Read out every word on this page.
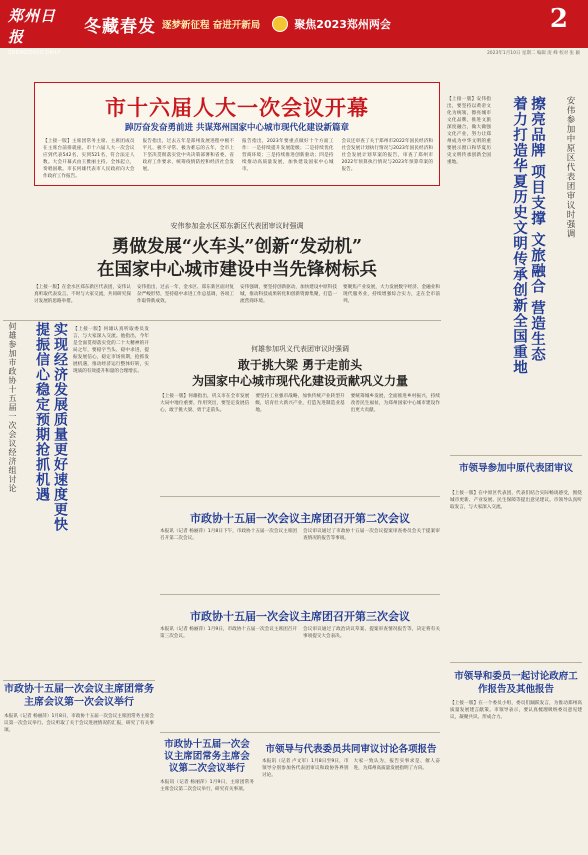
郑州日报
ZHENGZHOU DAILY
冬藏春发 逐梦新征程 奋进开新局	聚焦2023郑州两会	2
2023年1月10日 星期二 编辑 庞 峰 校对 张 颖
市十六届人大一次会议开幕
踔厉奋发奋勇前进 共谋郑州国家中心城市现代化建设新篇章
【上接一版】主席团常务主席、主席团成员在主席台前排就座。市十六届人大一次会议应到代表542名，实到521名，符合法定人数。大会开幕式由王雅丽主持。全体起立，奏唱国歌。市长何雄代表市人民政府向大会作政府工作报告。
报告指出，过去五年是郑州发展进程中极不平凡、极不寻常、极为难忘的五年，全市上下坚决贯彻落实党中央决策部署和省委、省政府工作要求，统筹疫情防控和经济社会发展。
报告指出，2023年要重点做好十个方面工作：一是持续提升发展能级；二是持续优化营商环境；三是持续推进创新驱动；四是持续推动高质量发展，加快建设国家中心城市。
会议还审查了关于郑州市2022年国民经济和社会发展计划执行情况与2023年国民经济和社会发展计划草案的报告，审查了郑州市2022年预算执行情况与2023年预算草案的报告。	安伟参加中原区代表团审议时强调
擦亮品牌 项目支撑 文旅融合 营造生态
着力打造华夏历史文明传承创新全国重地
【上接一版】安伟指出，要坚持以黄帝文化为统领，擦亮城市文化品牌，推进文旅深度融合，做大做强文化产业，努力让郑州成为中华文明的重要展示窗口和华夏历史文明传承创新全国重地。
安伟参加金水区郑东新区代表团审议时强调
勇做发展“火车头”创新“发动机”
在国家中心城市建设中当先锋树标兵
【上接一版】在金水区郑东新区代表团，安伟认真听取代表发言，不时与大家交流，共同研究探讨发展的思路举措。
安伟指出，过去一年，金水区、郑东新区面对复杂严峻形势，坚持稳中求进工作总基调，各项工作取得新成效。
安伟强调，要坚持创新驱动，加快建设中原科技城，推动科技成果转化和创新资源集聚，打造一流营商环境。
要聚焦产业发展，大力发展数字经济、金融业和现代服务业，持续增强综合实力，走在全市前列。
何雄参加市政协十五届一次会议经济组讨论 提振信心稳定预期抢抓机遇 实现经济发展质量更好速度更快 【上接一版】何雄认真听取委员发言，与大家深入交流。他指出，今年是全面贯彻落实党的二十大精神的开局之年，要稳字当头、稳中求进，提振发展信心，稳定市场预期，抢抓发展机遇，推动经济运行整体好转，实现质的有效提升和量的合理增长。
何雄参加巩义代表团审议时强调
敢于挑大梁 勇于走前头
为国家中心城市现代化建设贡献巩义力量
【上接一版】何雄指出，巩义市在全市发展大局中地位重要、作用突出，要坚定发展信心，敢于挑大梁、勇于走前头。
要坚持工业强市战略，加快传统产业转型升级，培育壮大新兴产业，打造先进制造业基地。
要统筹城乡发展，全面推进乡村振兴，持续改善民生福祉，为郑州国家中心城市建设作出更大贡献。
市政协十五届一次会议主席团召开第二次会议
本报讯（记者 杨丽萍）1月8日下午，市政协十五届一次会议主席团召开第二次会议。
会议审议通过了市政协十五届一次会议提案审查委员会关于提案审查情况的报告等事项。
市政协十五届一次会议主席团召开第三次会议
本报讯（记者 杨丽萍）1月9日，市政协十五届一次会议主席团召开第三次会议。
会议审议通过了政治决议草案、提案审查情况报告等，决定将有关事项提交大会表决。
市政协十五届一次会议主席团常务主席会议第一次会议举行
本报讯（记者 杨丽萍）1月8日，市政协十五届一次会议主席团常务主席会议第一次会议举行。会议听取了关于会议进展情况的汇报，研究了有关事项。
市政协十五届一次会议主席团常务主席会议第二次会议举行
本报讯（记者 杨丽萍）1月9日，主席团常务主席会议第二次会议举行，研究有关事项。
市领导与代表委员共同审议讨论各项报告
本报讯（记者 卢文军）1月8日至9日，市领导分别参加各代表团审议和政协各界别讨论。
大家一致认为，报告实事求是、催人奋进，为郑州高质量发展指明了方向。
市领导参加中原代表团审议
【上接一版】在中原区代表团，代表们结合实际畅谈感受，围绕城市更新、产业发展、民生保障等提出意见建议。市领导认真听取发言，与大家深入交流。
市领导和委员一起讨论政府工作报告及其他报告
【上接一版】在一个委员小组，委员们踊跃发言，为推动郑州高质量发展建言献策。市领导表示，要认真梳理吸纳委员意见建议，凝聚共识、形成合力。
